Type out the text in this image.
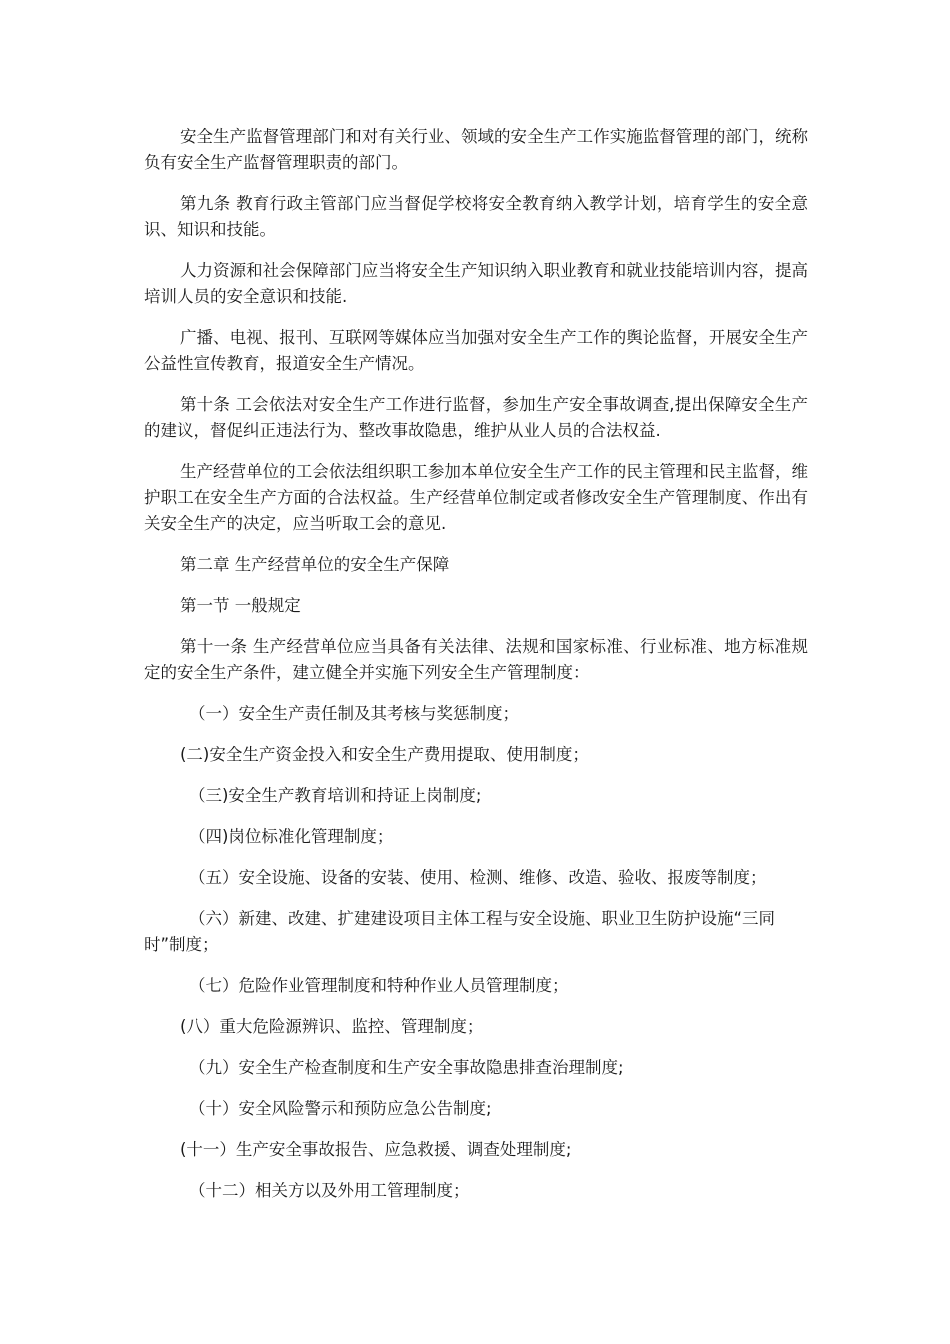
安全生产监督管理部门和对有关行业、领域的安全生产工作实施监督管理的部门，统称负有安全生产监督管理职责的部门。

第九条 教育行政主管部门应当督促学校将安全教育纳入教学计划，培育学生的安全意识、知识和技能。

人力资源和社会保障部门应当将安全生产知识纳入职业教育和就业技能培训内容，提高培训人员的安全意识和技能.

广播、电视、报刊、互联网等媒体应当加强对安全生产工作的舆论监督，开展安全生产公益性宣传教育，报道安全生产情况。

第十条 工会依法对安全生产工作进行监督，参加生产安全事故调查,提出保障安全生产的建议，督促纠正违法行为、整改事故隐患，维护从业人员的合法权益.

生产经营单位的工会依法组织职工参加本单位安全生产工作的民主管理和民主监督，维护职工在安全生产方面的合法权益。生产经营单位制定或者修改安全生产管理制度、作出有关安全生产的决定，应当听取工会的意见.

第二章 生产经营单位的安全生产保障

第一节 一般规定

第十一条 生产经营单位应当具备有关法律、法规和国家标准、行业标准、地方标准规定的安全生产条件，建立健全并实施下列安全生产管理制度：

（一）安全生产责任制及其考核与奖惩制度；

(二)安全生产资金投入和安全生产费用提取、使用制度；

（三)安全生产教育培训和持证上岗制度;

（四)岗位标准化管理制度；

（五）安全设施、设备的安装、使用、检测、维修、改造、验收、报废等制度；

（六）新建、改建、扩建建设项目主体工程与安全设施、职业卫生防护设施“三同时”制度；

（七）危险作业管理制度和特种作业人员管理制度；

(八）重大危险源辨识、监控、管理制度；

（九）安全生产检查制度和生产安全事故隐患排查治理制度;

（十）安全风险警示和预防应急公告制度;

(十一）生产安全事故报告、应急救援、调查处理制度;

（十二）相关方以及外用工管理制度；
